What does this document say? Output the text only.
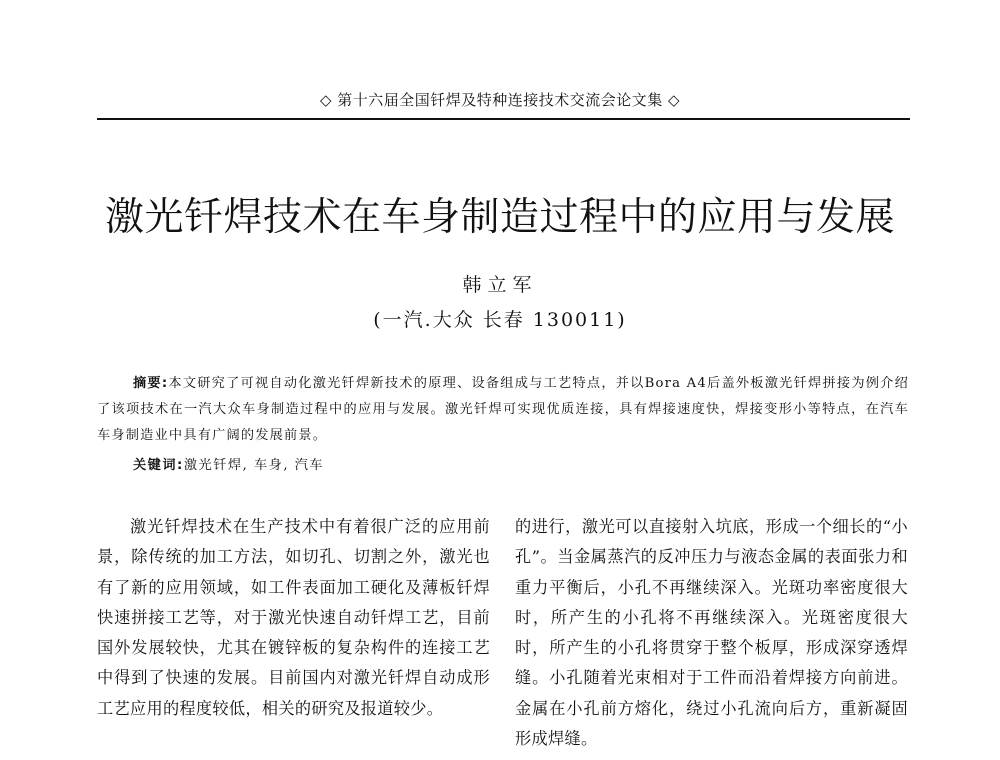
◇ 第十六届全国钎焊及特种连接技术交流会论文集 ◇
激光钎焊技术在车身制造过程中的应用与发展
韩立军
(一汽.大众 长春 130011)
摘要:本文研究了可视自动化激光钎焊新技术的原理、设备组成与工艺特点，并以Bora A4后盖外板激光钎焊拼接为例介绍了该项技术在一汽大众车身制造过程中的应用与发展。激光钎焊可实现优质连接，具有焊接速度快，焊接变形小等特点，在汽车车身制造业中具有广阔的发展前景。
关键词:激光钎焊, 车身, 汽车
激光钎焊技术在生产技术中有着很广泛的应用前景，除传统的加工方法，如切孔、切割之外，激光也有了新的应用领域，如工件表面加工硬化及薄板钎焊快速拼接工艺等，对于激光快速自动钎焊工艺，目前国外发展较快，尤其在镀锌板的复杂构件的连接工艺中得到了快速的发展。目前国内对激光钎焊自动成形工艺应用的程度较低，相关的研究及报道较少。
的进行，激光可以直接射入坑底，形成一个细长的“小孔”。当金属蒸汽的反冲压力与液态金属的表面张力和重力平衡后，小孔不再继续深入。光斑功率密度很大时，所产生的小孔将不再继续深入。光斑密度很大时，所产生的小孔将贯穿于整个板厚，形成深穿透焊缝。小孔随着光束相对于工件而沿着焊接方向前进。金属在小孔前方熔化，绕过小孔流向后方，重新凝固形成焊缝。
